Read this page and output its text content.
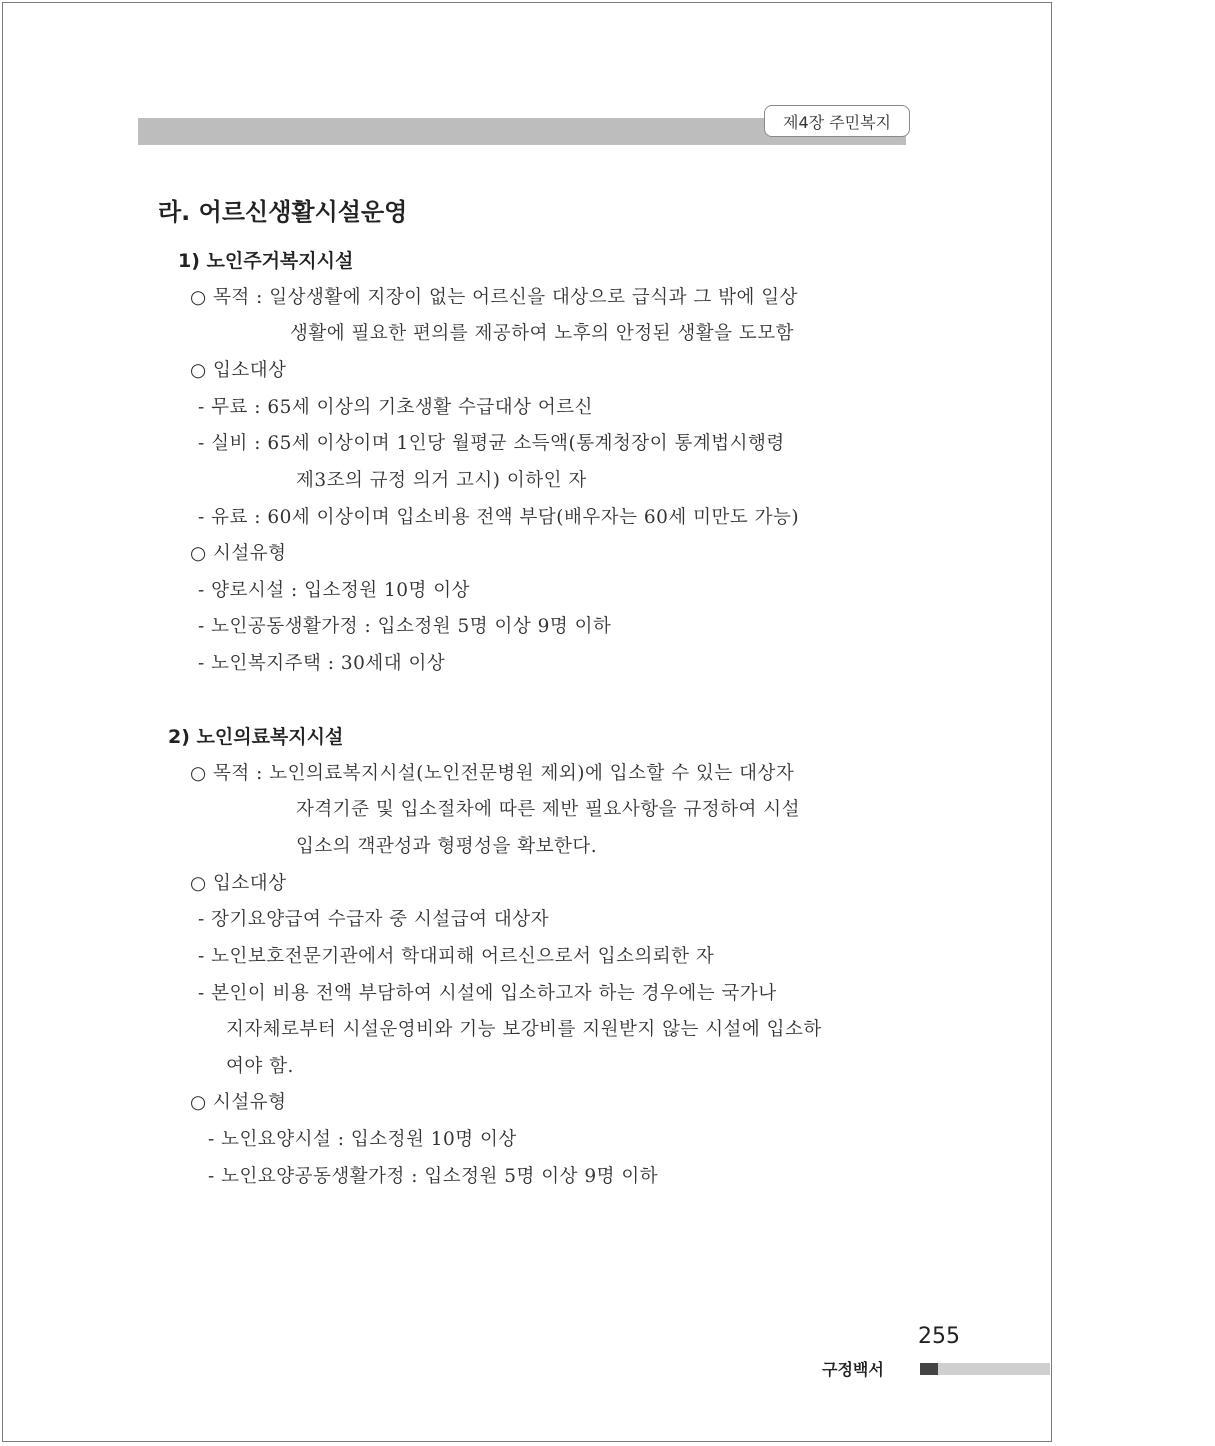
제4장 주민복지
라. 어르신생활시설운영
1) 노인주거복지시설
○ 목적 : 일상생활에 지장이 없는 어르신을 대상으로 급식과 그 밖에 일상
생활에 필요한 편의를 제공하여 노후의 안정된 생활을 도모함
○ 입소대상
- 무료 : 65세 이상의 기초생활 수급대상 어르신
- 실비 : 65세 이상이며 1인당 월평균 소득액(통계청장이 통계법시행령
제3조의 규정 의거 고시) 이하인 자
- 유료 : 60세 이상이며 입소비용 전액 부담(배우자는 60세 미만도 가능)
○ 시설유형
- 양로시설 : 입소정원 10명 이상
- 노인공동생활가정 : 입소정원 5명 이상 9명 이하
- 노인복지주택 : 30세대 이상
2) 노인의료복지시설
○ 목적 : 노인의료복지시설(노인전문병원 제외)에 입소할 수 있는 대상자
자격기준 및 입소절차에 따른 제반 필요사항을 규정하여 시설
입소의 객관성과 형평성을 확보한다.
○ 입소대상
- 장기요양급여 수급자 중 시설급여 대상자
- 노인보호전문기관에서 학대피해 어르신으로서 입소의뢰한 자
- 본인이 비용 전액 부담하여 시설에 입소하고자 하는 경우에는 국가나
지자체로부터 시설운영비와 기능 보강비를 지원받지 않는 시설에 입소하
여야 함.
○ 시설유형
- 노인요양시설 : 입소정원 10명 이상
- 노인요양공동생활가정 : 입소정원 5명 이상 9명 이하
255
구정백서
